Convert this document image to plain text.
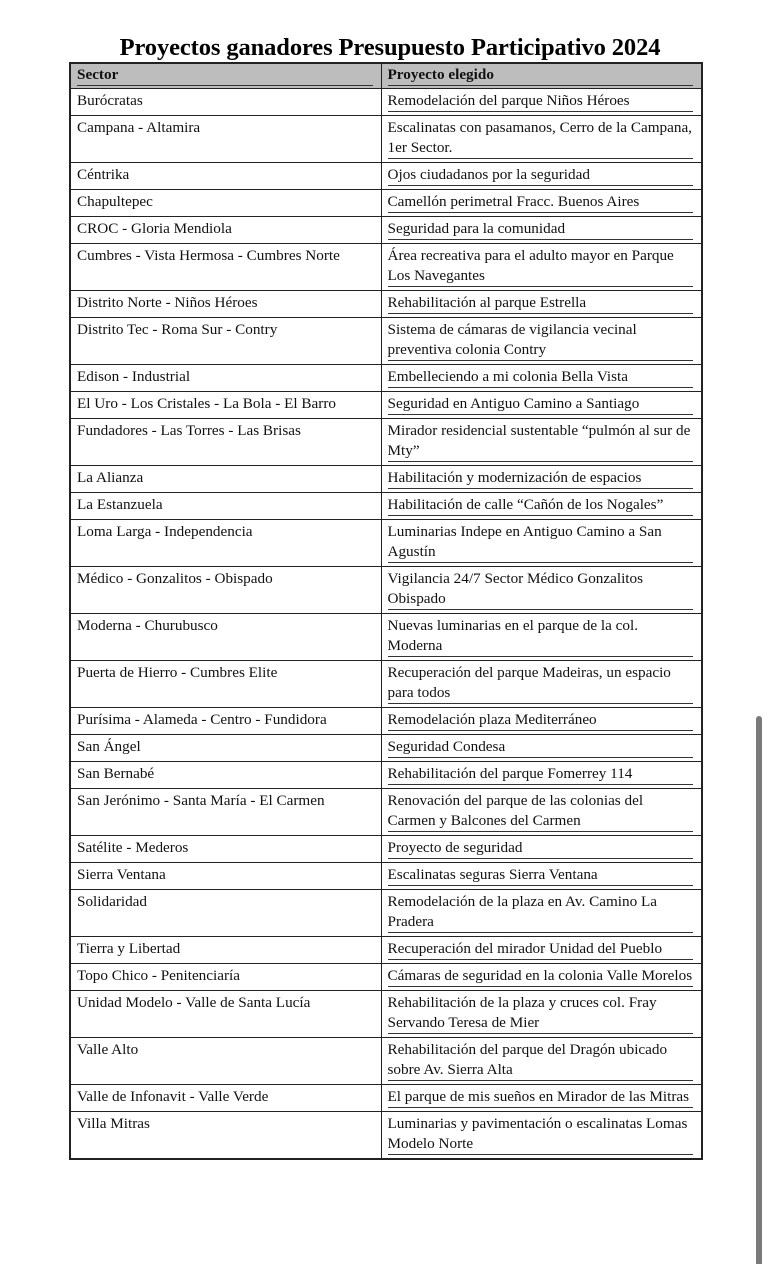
Proyectos ganadores Presupuesto Participativo 2024
Sector	Proyecto elegido

Burócratas	Remodelación del parque Niños Héroes

Campana - Altamira	Escalinatas con pasamanos, Cerro de la Campana, 1er Sector.

Céntrika	Ojos ciudadanos por la seguridad

Chapultepec	Camellón perimetral Fracc. Buenos Aires

CROC - Gloria Mendiola	Seguridad para la comunidad

Cumbres - Vista Hermosa - Cumbres Norte	Área recreativa para el adulto mayor en Parque Los Navegantes

Distrito Norte - Niños Héroes	Rehabilitación al parque Estrella

Distrito Tec - Roma Sur - Contry	Sistema de cámaras de vigilancia vecinal preventiva colonia Contry

Edison - Industrial	Embelleciendo a mi colonia Bella Vista

El Uro - Los Cristales - La Bola - El Barro	Seguridad en Antiguo Camino a Santiago

Fundadores - Las Torres - Las Brisas	Mirador residencial sustentable “pulmón al sur de Mty”

La Alianza	Habilitación y modernización de espacios

La Estanzuela	Habilitación de calle “Cañón de los Nogales”

Loma Larga - Independencia	Luminarias Indepe en Antiguo Camino a San Agustín

Médico - Gonzalitos - Obispado	Vigilancia 24/7 Sector Médico Gonzalitos Obispado

Moderna - Churubusco	Nuevas luminarias en el parque de la col. Moderna

Puerta de Hierro - Cumbres Elite	Recuperación del parque Madeiras, un espacio para todos

Purísima - Alameda - Centro - Fundidora	Remodelación plaza Mediterráneo

San Ángel	Seguridad Condesa

San Bernabé	Rehabilitación del parque Fomerrey 114

San Jerónimo - Santa María - El Carmen	Renovación del parque de las colonias del Carmen y Balcones del Carmen

Satélite - Mederos	Proyecto de seguridad

Sierra Ventana	Escalinatas seguras Sierra Ventana

Solidaridad	Remodelación de la plaza en Av. Camino La Pradera

Tierra y Libertad	Recuperación del mirador Unidad del Pueblo

Topo Chico - Penitenciaría	Cámaras de seguridad en la colonia Valle Morelos

Unidad Modelo - Valle de Santa Lucía	Rehabilitación de la plaza y cruces col. Fray Servando Teresa de Mier

Valle Alto	Rehabilitación del parque del Dragón ubicado sobre Av. Sierra Alta

Valle de Infonavit - Valle Verde	El parque de mis sueños en Mirador de las Mitras

Villa Mitras	Luminarias y pavimentación o escalinatas Lomas Modelo Norte
